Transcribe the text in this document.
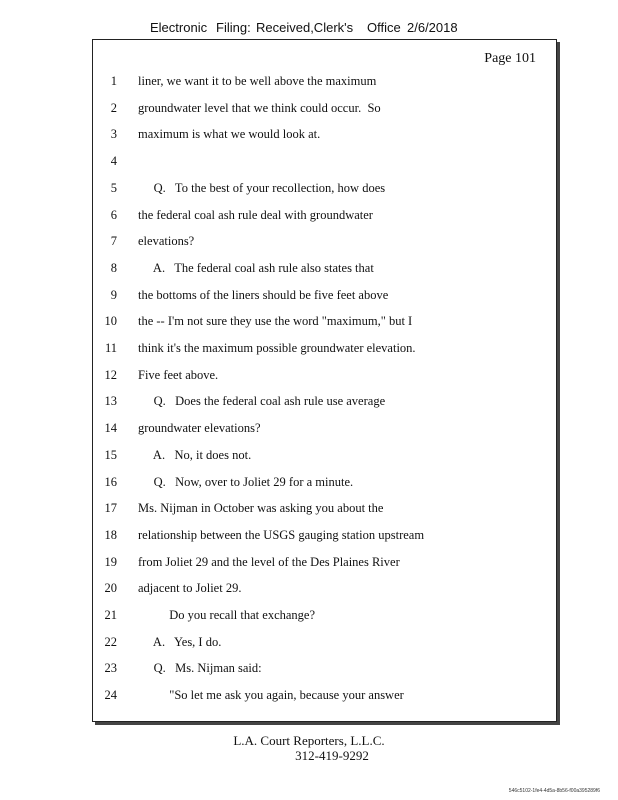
Electronic Filing: Received,Clerk's Office 2/6/2018
Page 101
1 liner, we want it to be well above the maximum
2 groundwater level that we think could occur.  So
3 maximum is what we would look at.
4
5 Q.   To the best of your recollection, how does
6 the federal coal ash rule deal with groundwater
7 elevations?
8 A.   The federal coal ash rule also states that
9 the bottoms of the liners should be five feet above
10 the -- I'm not sure they use the word "maximum," but I
11 think it's the maximum possible groundwater elevation.
12 Five feet above.
13 Q.   Does the federal coal ash rule use average
14 groundwater elevations?
15 A.   No, it does not.
16 Q.   Now, over to Joliet 29 for a minute.
17 Ms. Nijman in October was asking you about the
18 relationship between the USGS gauging station upstream
19 from Joliet 29 and the level of the Des Plaines River
20 adjacent to Joliet 29.
21 Do you recall that exchange?
22 A.   Yes, I do.
23 Q.   Ms. Nijman said:
24 "So let me ask you again, because your answer
L.A. Court Reporters, L.L.C.
312-419-9292
546c5102-1fe4-4d5a-8b56-f00a395289f6
